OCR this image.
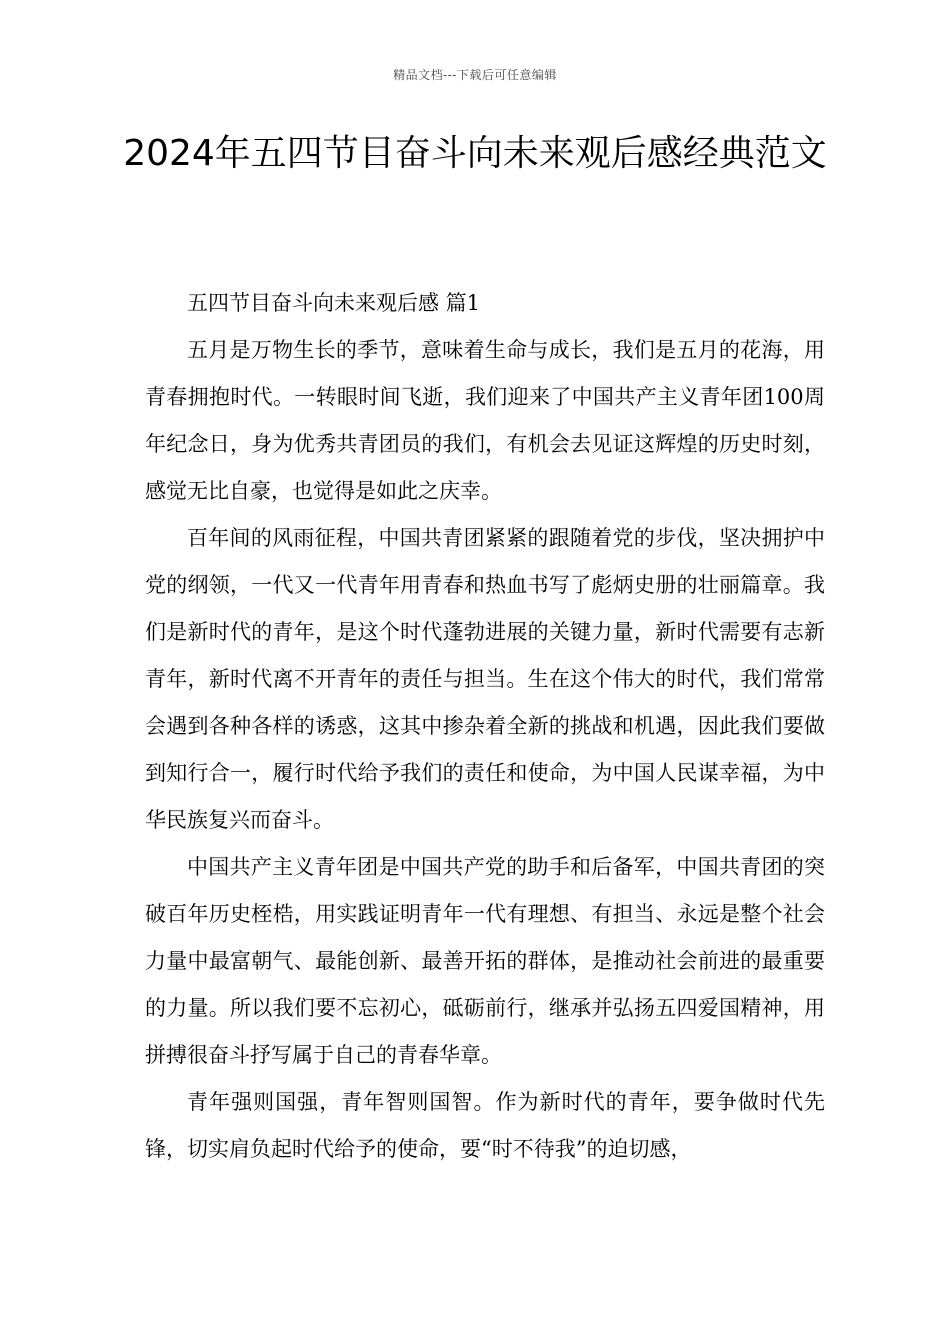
精品文档---下载后可任意编辑
2024年五四节目奋斗向未来观后感经典范文

五四节目奋斗向未来观后感 篇1

五月是万物生长的季节，意味着生命与成长，我们是五月的花海，用青春拥抱时代。一转眼时间飞逝，我们迎来了中国共产主义青年团100周年纪念日，身为优秀共青团员的我们，有机会去见证这辉煌的历史时刻，感觉无比自豪，也觉得是如此之庆幸。

百年间的风雨征程，中国共青团紧紧的跟随着党的步伐，坚决拥护中党的纲领，一代又一代青年用青春和热血书写了彪炳史册的壮丽篇章。我们是新时代的青年，是这个时代蓬勃进展的关键力量，新时代需要有志新青年，新时代离不开青年的责任与担当。生在这个伟大的时代，我们常常会遇到各种各样的诱惑，这其中掺杂着全新的挑战和机遇，因此我们要做到知行合一，履行时代给予我们的责任和使命，为中国人民谋幸福，为中华民族复兴而奋斗。

中国共产主义青年团是中国共产党的助手和后备军，中国共青团的突破百年历史桎梏，用实践证明青年一代有理想、有担当、永远是整个社会力量中最富朝气、最能创新、最善开拓的群体，是推动社会前进的最重要的力量。所以我们要不忘初心，砥砺前行，继承并弘扬五四爱国精神，用拼搏很奋斗抒写属于自己的青春华章。

青年强则国强，青年智则国智。作为新时代的青年，要争做时代先锋，切实肩负起时代给予的使命，要“时不待我”的迫切感，
